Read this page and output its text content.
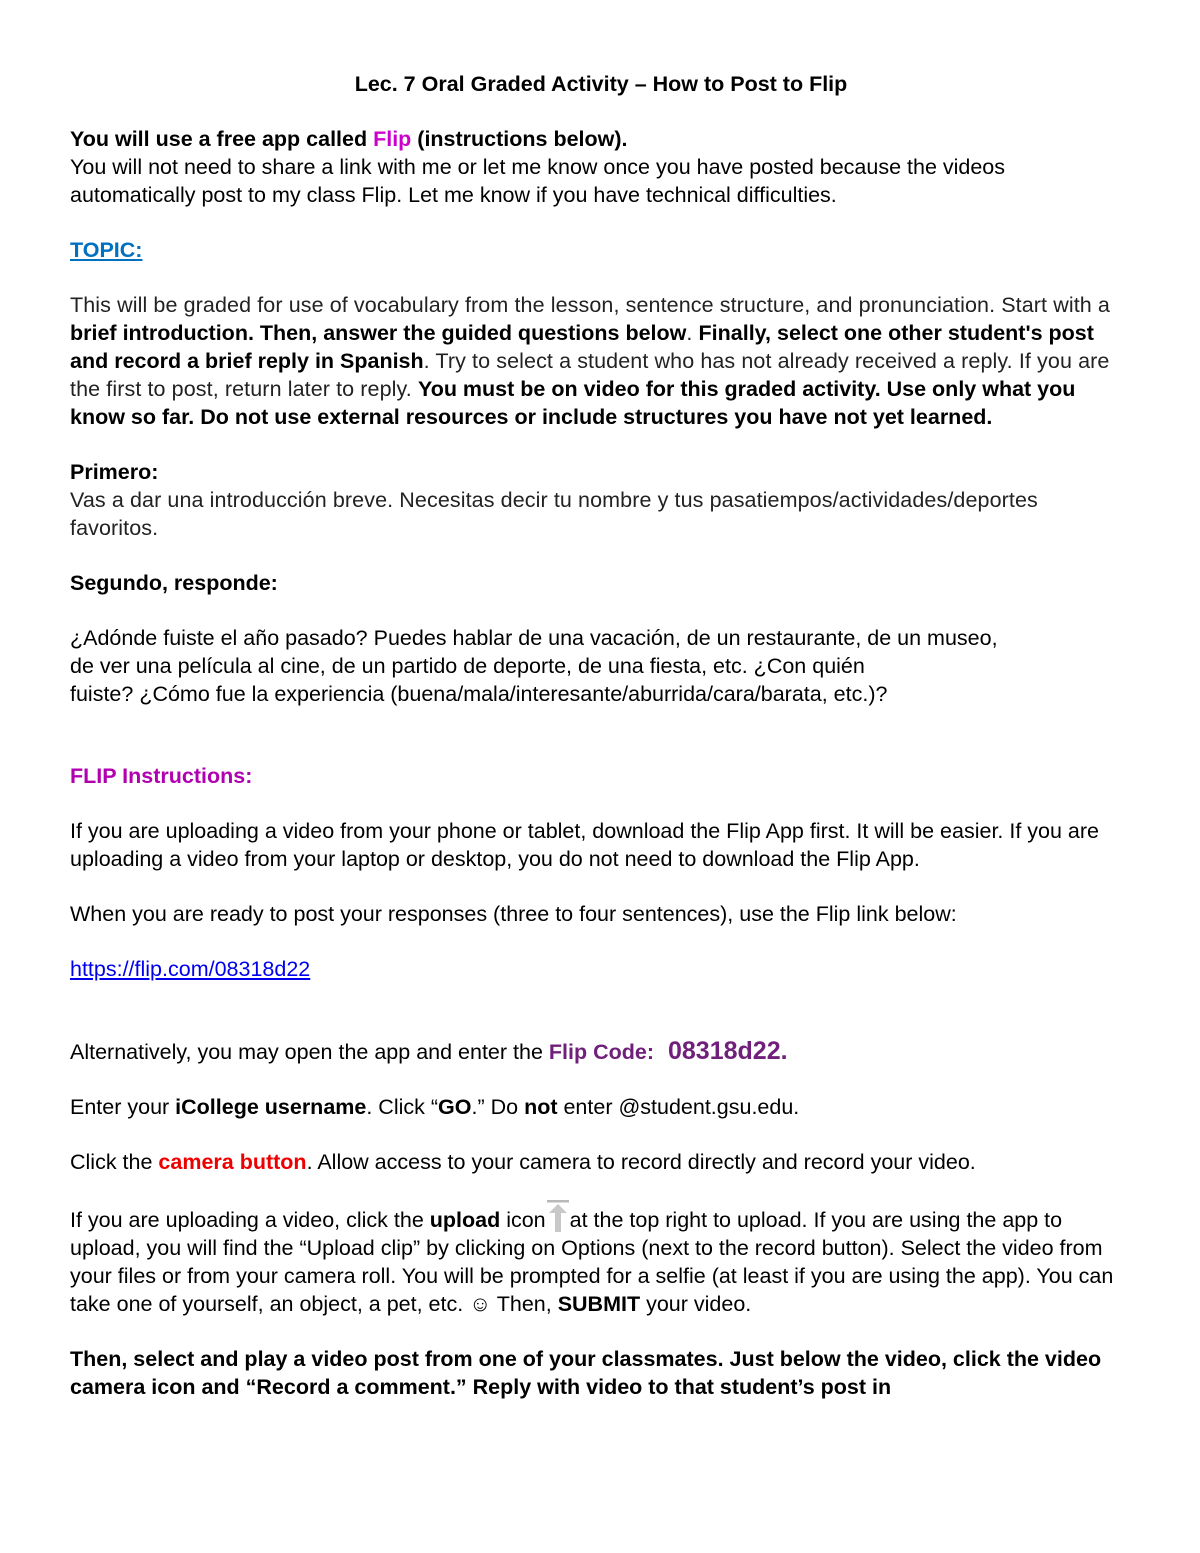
Lec. 7 Oral Graded Activity – How to Post to Flip

You will use a free app called Flip (instructions below).

You will not need to share a link with me or let me know once you have posted because the videos automatically post to my class Flip. Let me know if you have technical difficulties.

TOPIC:

This will be graded for use of vocabulary from the lesson, sentence structure, and pronunciation. Start with a brief introduction. Then, answer the guided questions below. Finally, select one other student's post and record a brief reply in Spanish. Try to select a student who has not already received a reply. If you are the first to post, return later to reply. You must be on video for this graded activity. Use only what you know so far. Do not use external resources or include structures you have not yet learned.

Primero:

Vas a dar una introducción breve. Necesitas decir tu nombre y tus pasatiempos/actividades/deportes favoritos.

Segundo, responde:

¿Adónde fuiste el año pasado? Puedes hablar de una vacación, de un restaurante, de un museo,

de ver una película al cine, de un partido de deporte, de una fiesta, etc. ¿Con quién

fuiste? ¿Cómo fue la experiencia (buena/mala/interesante/aburrida/cara/barata, etc.)?

FLIP Instructions:

If you are uploading a video from your phone or tablet, download the Flip App first. It will be easier. If you are uploading a video from your laptop or desktop, you do not need to download the Flip App.

When you are ready to post your responses (three to four sentences), use the Flip link below:

https://flip.com/08318d22

Alternatively, you may open the app and enter the Flip Code: 08318d22.

Enter your iCollege username. Click “GO.” Do not enter @student.gsu.edu.

Click the camera button. Allow access to your camera to record directly and record your video.

If you are uploading a video, click the upload icon at the top right to upload. If you are using the app to upload, you will find the “Upload clip” by clicking on Options (next to the record button). Select the video from your files or from your camera roll. You will be prompted for a selfie (at least if you are using the app). You can take one of yourself, an object, a pet, etc. ☺ Then, SUBMIT your video.

Then, select and play a video post from one of your classmates. Just below the video, click the video camera icon and “Record a comment.” Reply with video to that student’s post in
